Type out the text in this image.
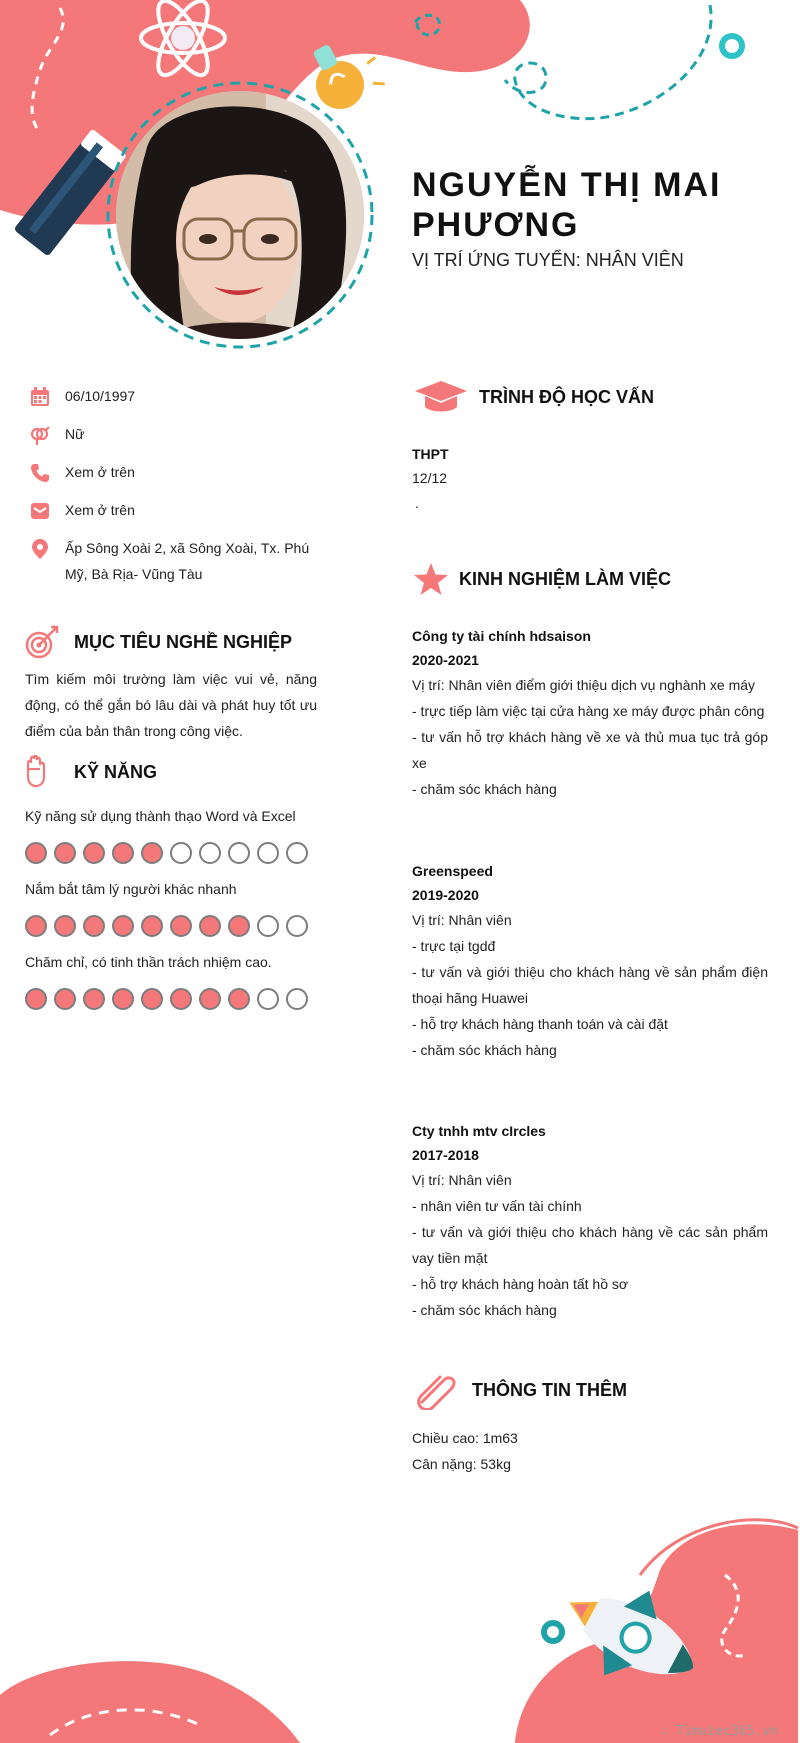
NGUYỄN THỊ MAI PHƯƠNG
VỊ TRÍ ỨNG TUYỂN: NHÂN VIÊN
06/10/1997
Nữ
Xem ở trên
Xem ở trên
Ấp Sông Xoài 2, xã Sông Xoài, Tx. Phú Mỹ, Bà Rịa- Vũng Tàu
MỤC TIÊU NGHỀ NGHIỆP
Tìm kiếm môi trường làm việc vui vẻ, năng động, có thể gắn bó lâu dài và phát huy tốt ưu điểm của bản thân trong công việc.
KỸ NĂNG
Kỹ năng sử dụng thành thạo Word và Excel
Nắm bắt tâm lý người khác nhanh
Chăm chỉ, có tinh thần trách nhiệm cao.
TRÌNH ĐỘ HỌC VẤN
THPT
12/12
.
KINH NGHIỆM LÀM VIỆC
Công ty tài chính hdsaison
2020-2021
Vị trí: Nhân viên điểm giới thiệu dịch vụ nghành xe máy
- trực tiếp làm việc tại cửa hàng xe máy được phân công
- tư vấn hỗ trợ khách hàng về xe và thủ mua tục trả góp xe
- chăm sóc khách hàng
Greenspeed
2019-2020
Vị trí: Nhân viên
- trực tại tgdđ
- tư vấn và giới thiệu cho khách hàng về sản phẩm điện thoại hãng Huawei
- hỗ trợ khách hàng thanh toán và cài đặt
- chăm sóc khách hàng
Cty tnhh mtv cIrcles
2017-2018
Vị trí: Nhân viên
- nhân viên tư vấn tài chính
- tư vấn và giới thiệu cho khách hàng về các sản phẩm vay tiền mặt
- hỗ trợ khách hàng hoàn tất hồ sơ
- chăm sóc khách hàng
THÔNG TIN THÊM
Chiều cao: 1m63
Cân nặng: 53kg
∴ Timviec365.vn
